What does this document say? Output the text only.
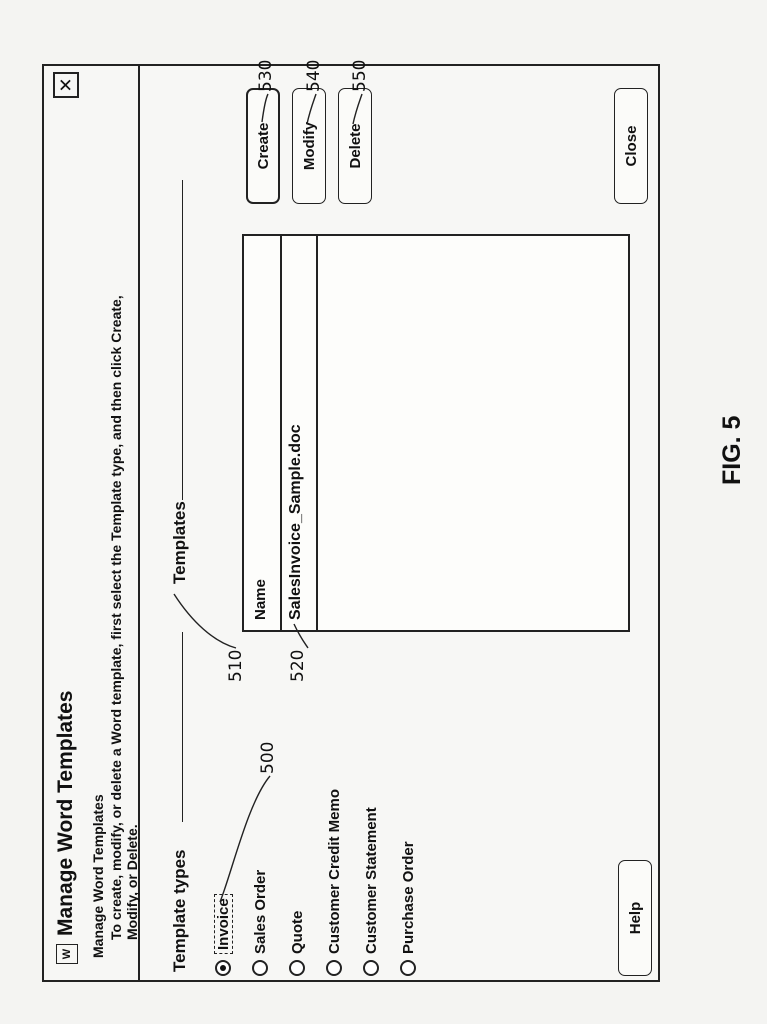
W
Manage Word Templates
✕
Manage Word Templates To create, modify, or delete a Word template, first select the Template type, and then click Create, Modify, or Delete. Template types Invoice Sales Order Quote Customer Credit Memo Customer Statement Purchase Order
Templates
Name SalesInvoice_Sample.doc
Create	Modify	Delete
Help
Close
500
510 520
530 540 550
FIG. 5
